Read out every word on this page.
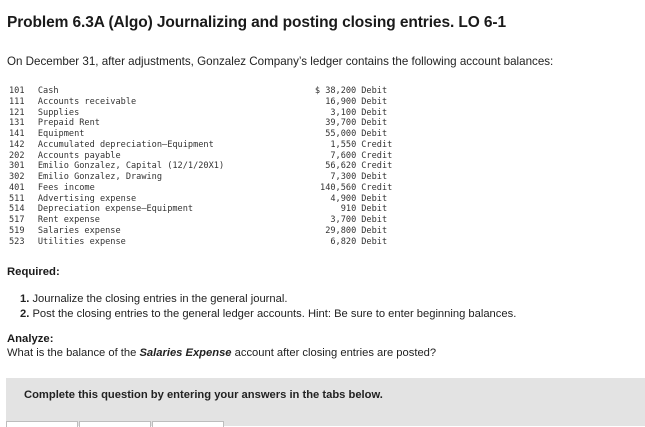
Problem 6.3A (Algo) Journalizing and posting closing entries. LO 6-1
On December 31, after adjustments, Gonzalez Company’s ledger contains the following account balances:
101	Cash	$ 38,200 Debit
111	Accounts receivable	16,900 Debit
121	Supplies	3,100 Debit
131	Prepaid Rent	39,700 Debit
141	Equipment	55,000 Debit
142	Accumulated depreciation—Equipment	1,550 Credit
202	Accounts payable	7,600 Credit
301	Emilio Gonzalez, Capital (12/1/20X1)	56,620 Credit
302	Emilio Gonzalez, Drawing	7,300 Debit
401	Fees income	140,560 Credit
511	Advertising expense	4,900 Debit
514	Depreciation expense—Equipment	910 Debit
517	Rent expense	3,700 Debit
519	Salaries expense	29,800 Debit
523	Utilities expense	6,820 Debit
Required:
1. Journalize the closing entries in the general journal.
2. Post the closing entries to the general ledger accounts. Hint: Be sure to enter beginning balances.
Analyze:
What is the balance of the Salaries Expense account after closing entries are posted?
Complete this question by entering your answers in the tabs below.
